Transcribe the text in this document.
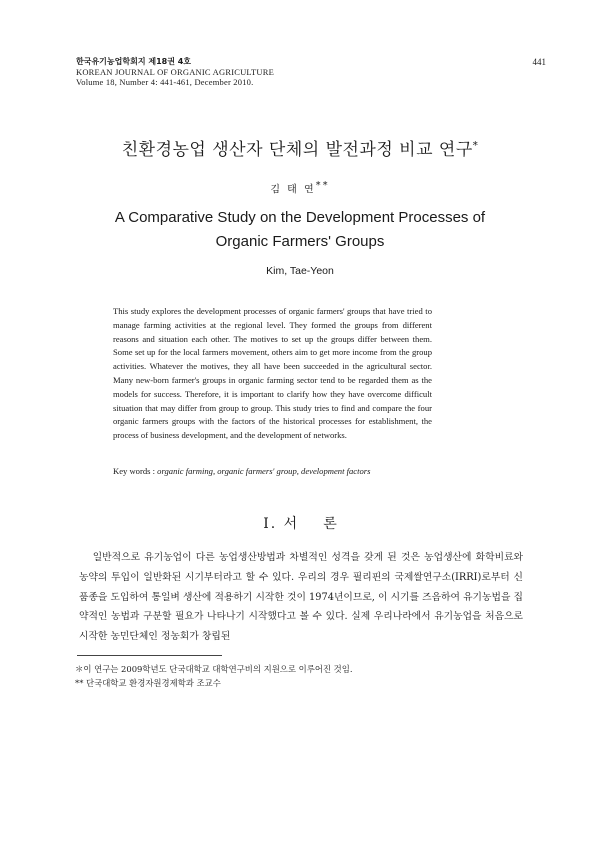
한국유기농업학회지 제18권 4호
KOREAN JOURNAL OF ORGANIC AGRICULTURE
Volume 18, Number 4: 441-461, December 2010.
441
친환경농업 생산자 단체의 발전과정 비교 연구*
김 태 연**
A Comparative Study on the Development Processes of
Organic Farmers' Groups
Kim, Tae-Yeon
This study explores the development processes of organic farmers' groups that have tried to manage farming activities at the regional level. They formed the groups from different reasons and situation each other. The motives to set up the groups differ between them. Some set up for the local farmers movement, others aim to get more income from the group activities. Whatever the motives, they all have been succeeded in the agricultural sector. Many new-born farmer's groups in organic farming sector tend to be regarded them as the models for success. Therefore, it is important to clarify how they have overcome difficult situation that may differ from group to group. This study tries to find and compare the four organic farmers groups with the factors of the historical processes for establishment, the process of business development, and the development of networks.
Key words : organic farming, organic farmers' group, development factors
Ⅰ. 서 론

일반적으로 유기농업이 다른 농업생산방법과 차별적인 성격을 갖게 된 것은 농업생산에 화학비료와 농약의 투입이 일반화된 시기부터라고 할 수 있다. 우리의 경우 필리핀의 국제쌀연구소(IRRI)로부터 신품종을 도입하여 통일벼 생산에 적용하기 시작한 것이 1974년이므로, 이 시기를 즈음하여 유기농법을 집약적인 농법과 구분할 필요가 나타나기 시작했다고 볼 수 있다. 실제 우리나라에서 유기농업을 처음으로 시작한 농민단체인 정농회가 창립된

＊이 연구는 2009학년도 단국대학교 대학연구비의 지원으로 이루어진 것임.
** 단국대학교 환경자원경제학과 조교수
